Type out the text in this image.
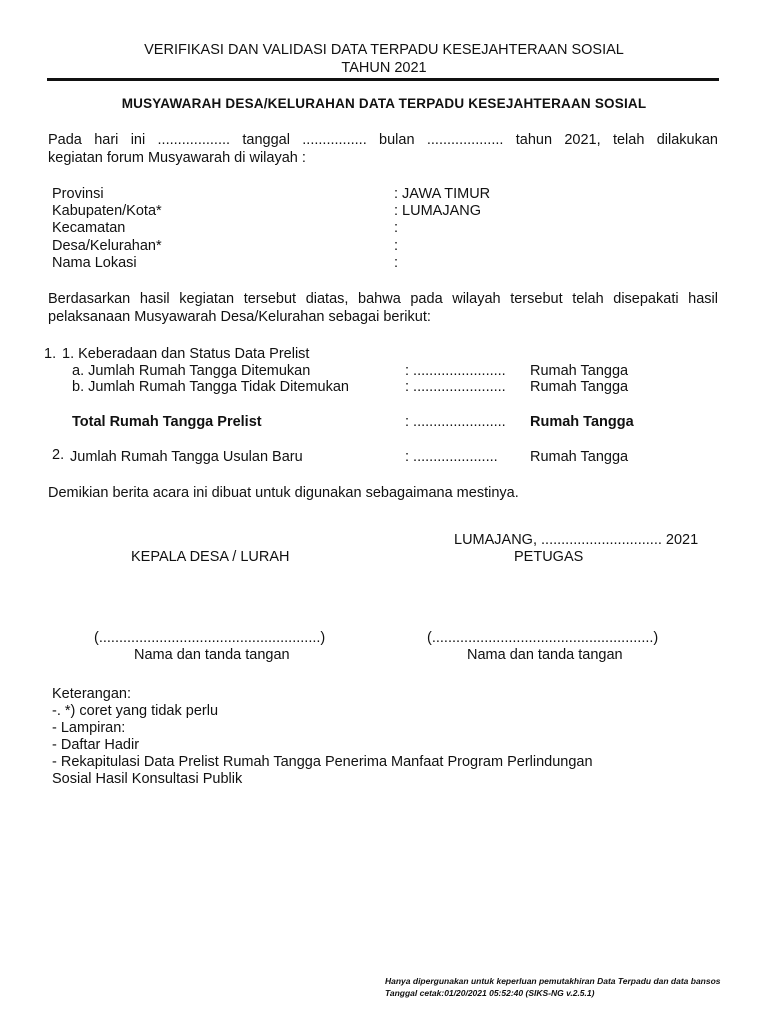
VERIFIKASI DAN VALIDASI DATA TERPADU KESEJAHTERAAN SOSIAL
TAHUN 2021
MUSYAWARAH DESA/KELURAHAN DATA TERPADU KESEJAHTERAAN SOSIAL
Pada hari ini .................. tanggal ................ bulan ................... tahun 2021, telah dilakukan
kegiatan forum Musyawarah di wilayah :
Provinsi	: JAWA TIMUR
Kabupaten/Kota*	: LUMAJANG
Kecamatan	:
Desa/Kelurahan*	:
Nama Lokasi	:
Berdasarkan hasil kegiatan tersebut diatas, bahwa pada wilayah tersebut telah disepakati hasil
pelaksanaan Musyawarah Desa/Kelurahan sebagai berikut:
1. 1. Keberadaan dan Status Data Prelist
a. Jumlah Rumah Tangga Ditemukan	: ....................... Rumah Tangga
b. Jumlah Rumah Tangga Tidak Ditemukan	: ....................... Rumah Tangga
Total Rumah Tangga Prelist	: ....................... Rumah Tangga
2. Jumlah Rumah Tangga Usulan Baru	: ..................... Rumah Tangga
Demikian berita acara ini dibuat untuk digunakan sebagaimana mestinya.
LUMAJANG, .............................. 2021
KEPALA DESA / LURAH	PETUGAS
(.......................................................)	(.......................................................)
Nama dan tanda tangan	Nama dan tanda tangan
Keterangan:
-. *) coret yang tidak perlu
- Lampiran:
- Daftar Hadir
- Rekapitulasi Data Prelist Rumah Tangga Penerima Manfaat Program Perlindungan
Sosial Hasil Konsultasi Publik
Hanya dipergunakan untuk keperluan pemutakhiran Data Terpadu dan data bansos
Tanggal cetak:01/20/2021 05:52:40 (SIKS-NG v.2.5.1)
